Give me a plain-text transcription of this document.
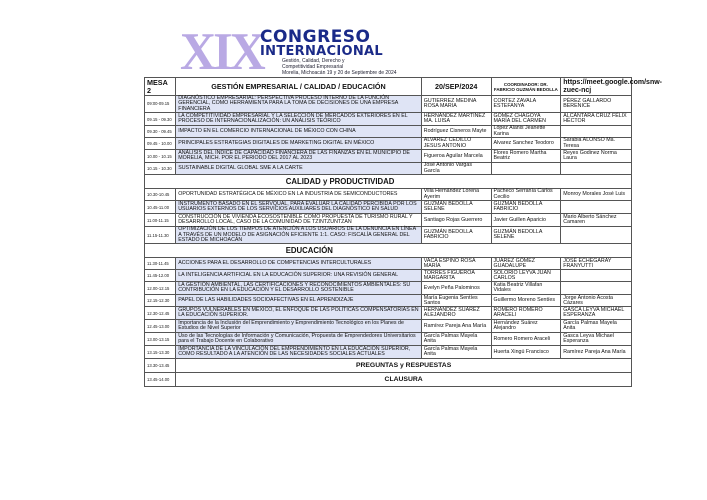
XIX
CONGRESO
INTERNACIONAL
Gestión, Calidad, Derecho y
Competitividad Empresarial
Morelia, Michoacán 19 y 20 de Septiembre de 2024
MESA 2	GESTIÓN EMPRESARIAL / CALIDAD / EDUCACIÓN	20/SEP/2024	COORDINADOR: DR. FABRICIO GUZMÁN BEDOLLA	https://meet.google.com/snw-zuec-ncj
09:00-09.15	DIAGNÓSTICO EMPRESARIAL: PERSPECTIVA PROCESO INTERNO DE LA FUNCIÓN GERENCIAL, COMO HERRAMIENTA PARA LA TOMA DE DECISIONES DE UNA EMPRESA FINANCIERA	GUTIERREZ MEDINA ROSA MARIA	CORTEZ ZAVALA ESTEFANYA	PÉREZ GALLARDO BERENICE
09.15 - 09.30	LA COMPETITIVIDAD EMPRESARIAL Y LA SELECCIÓN DE MERCADOS EXTERIORES EN EL PROCESO DE INTERNACIONALIZACIÓN: UN ANÁLISIS TEÓRICO	HERNÁNDEZ MARTÍNEZ MA. LUISA	GÓMEZ CHAGOYA MARÍA DEL CARMEN	ALCÁNTARA CRUZ FÉLIX HÉCTOR
09.30 - 09.45	IMPACTO EN EL COMERCIO INTERNACIONAL DE MÉXICO CON CHINA	Rodríguez Cisneros Mayte	López Alanis Jeanette Karina	
09.45 - 10.00	PRINCIPALES ESTRATEGIAS DIGITALES DE MARKETING DIGITAL EN MÉXICO	ALVAREZ CEDILLO JESUS ANTONIO	Alvarez Sanchez Teodoro	Sarabia ALONSO Ma. Teresa
10.00 - 10.15	ANÁLISIS DEL ÍNDICE DE CAPACIDAD FINANCIERA DE LAS FINANZAS EN EL MUNICIPIO DE MORELIA, MICH. POR EL PERIODO DEL 2017 AL 2023	Figueroa Aguilar Marcela	Flores Romero Martha Beatriz	Reyes Godinez Norma Laura
10.15 - 10.30	SUSTAINABLE DIGITAL GLOBAL SME A LA CARTE	José Antonio Vargas García		
	CALIDAD y PRODUCTIVIDAD			
10.30-10.45	OPORTUNIDAD ESTRATÉGICA DE MÉXICO EN LA INDUSTRIA DE SEMICONDUCTORES	Villa Hernández Lorena Ayerim	Pacheco Serranía Carlos Cecilio	Monroy Morales José Luis
10.45-11.00	INSTRUMENTO BASADO EN EL SERVQUAL, PARA EVALUAR LA CALIDAD PERCIBIDA POR LOS USUARIOS EXTERNOS DE LOS SERVICIOS AUXILIARES DEL DIAGNÓSTICO EN SALUD	GUZMÁN BEDOLLA SELENE	GUZMÁN BEDOLLA FABRICIO	
11.00-11.15	CONSTRUCCIÓN DE VIVIENDA ECOSOSTENIBLE COMO PROPUESTA DE TURISMO RURAL Y DESARROLLO LOCAL, CASO DE LA COMUNIDAD DE TZINTZUNTZAN	Santiago Rojas Guerrero	Javier Guillen Aparicio	Mario Alberto Sánchez Camaren
11.15-11.30	OPTIMIZACIÓN DE LOS TIEMPOS DE ATENCIÓN A LOS USUARIOS DE LA DENUNCIA EN LÍNEA A TRAVÉS DE UN MODELO DE ASIGNACIÓN EFICIENTE 1:1. CASO: FISCALÍA GENERAL DEL ESTADO DE MICHOACÁN	GUZMÁN BEDOLLA FABRICIO	GUZMÁN BEDOLLA SELENE	
	EDUCACIÓN			
11.30-11.45	ACCIONES PARA EL DESARROLLO DE COMPETENCIAS INTERCULTURALES	VACA ESPINO ROSA MARÍA	JUÁREZ GÓMEZ GUADALUPE	JOSÉ ECHEGARAY FRANYUTTI
11.45-12.00	LA INTELIGENCIA ARTIFICIAL EN LA EDUCACIÓN SUPERIOR: UNA REVISIÓN GENERAL	TORRES FIGUEROA MARGARITA	SOLORIO LEYVA JUAN CARLOS	
12.00-12.15	LA GESTIÓN AMBIENTAL, LAS CERTIFICACIONES Y RECONOCIMIENTOS AMBIENTALES: SU CONTRIBUCIÓN EN LA EDUCACIÓN Y EL DESARROLLO SOSTENIBLE	Evelyn Peña Palominos	Katia Beatriz Villafan Vidales	
12.15-12.30	PAPEL DE LAS HABILIDADES SOCIOAFECTIVAS EN EL APRENDIZAJE	María Eugenia Sentíes Santos	Guillermo Moreno Sentíes	Jorge Antonio Acosta Cázares
12.30-12.45	GRUPOS VULNERABLES EN MÉXICO, EL ENFOQUE DE LAS POLÍTICAS COMPENSATORIAS EN LA EDUCACIÓN SUPERIOR.	HERNANDEZ SUAREZ ALEJANDRO	ROMERO ROMERO ARACELI	GASCA LEYVA MICHAEL ESPERANZA
12.45-13.00	Importancia de la Inclusión del Emprendimiento y Emprendimiento Tecnológico en los Planes de Estudios de Nivel Superior	Ramírez Pareja Ana María	Hernández Suárez Alejandro	García Palmas Mayela Anita
13.00-13.15	Uso de las Tecnologías de Información y Comunicación, Propuesta de Emprendedores Universitarios para el Trabajo Docente en Colaborativo	García Palmas Mayela Anita	Romero Romero Araceli	Gasca Leyva Michael Esperanza
13.15-13.30	IMPORTANCIA DE LA VINCULACIÓN DEL EMPRENDIMIENTO EN LA EDUCACIÓN SUPERIOR, COMO RESULTADO A LA ATENCIÓN DE LAS NECESIDADES SOCIALES ACTUALES	García Palmas Mayela Anita	Huerta Xingú Francisco	Ramírez Pareja Ana María
13.30-13.45	PREGUNTAS y RESPUESTAS			
13.45-14.00	CLAUSURA			
